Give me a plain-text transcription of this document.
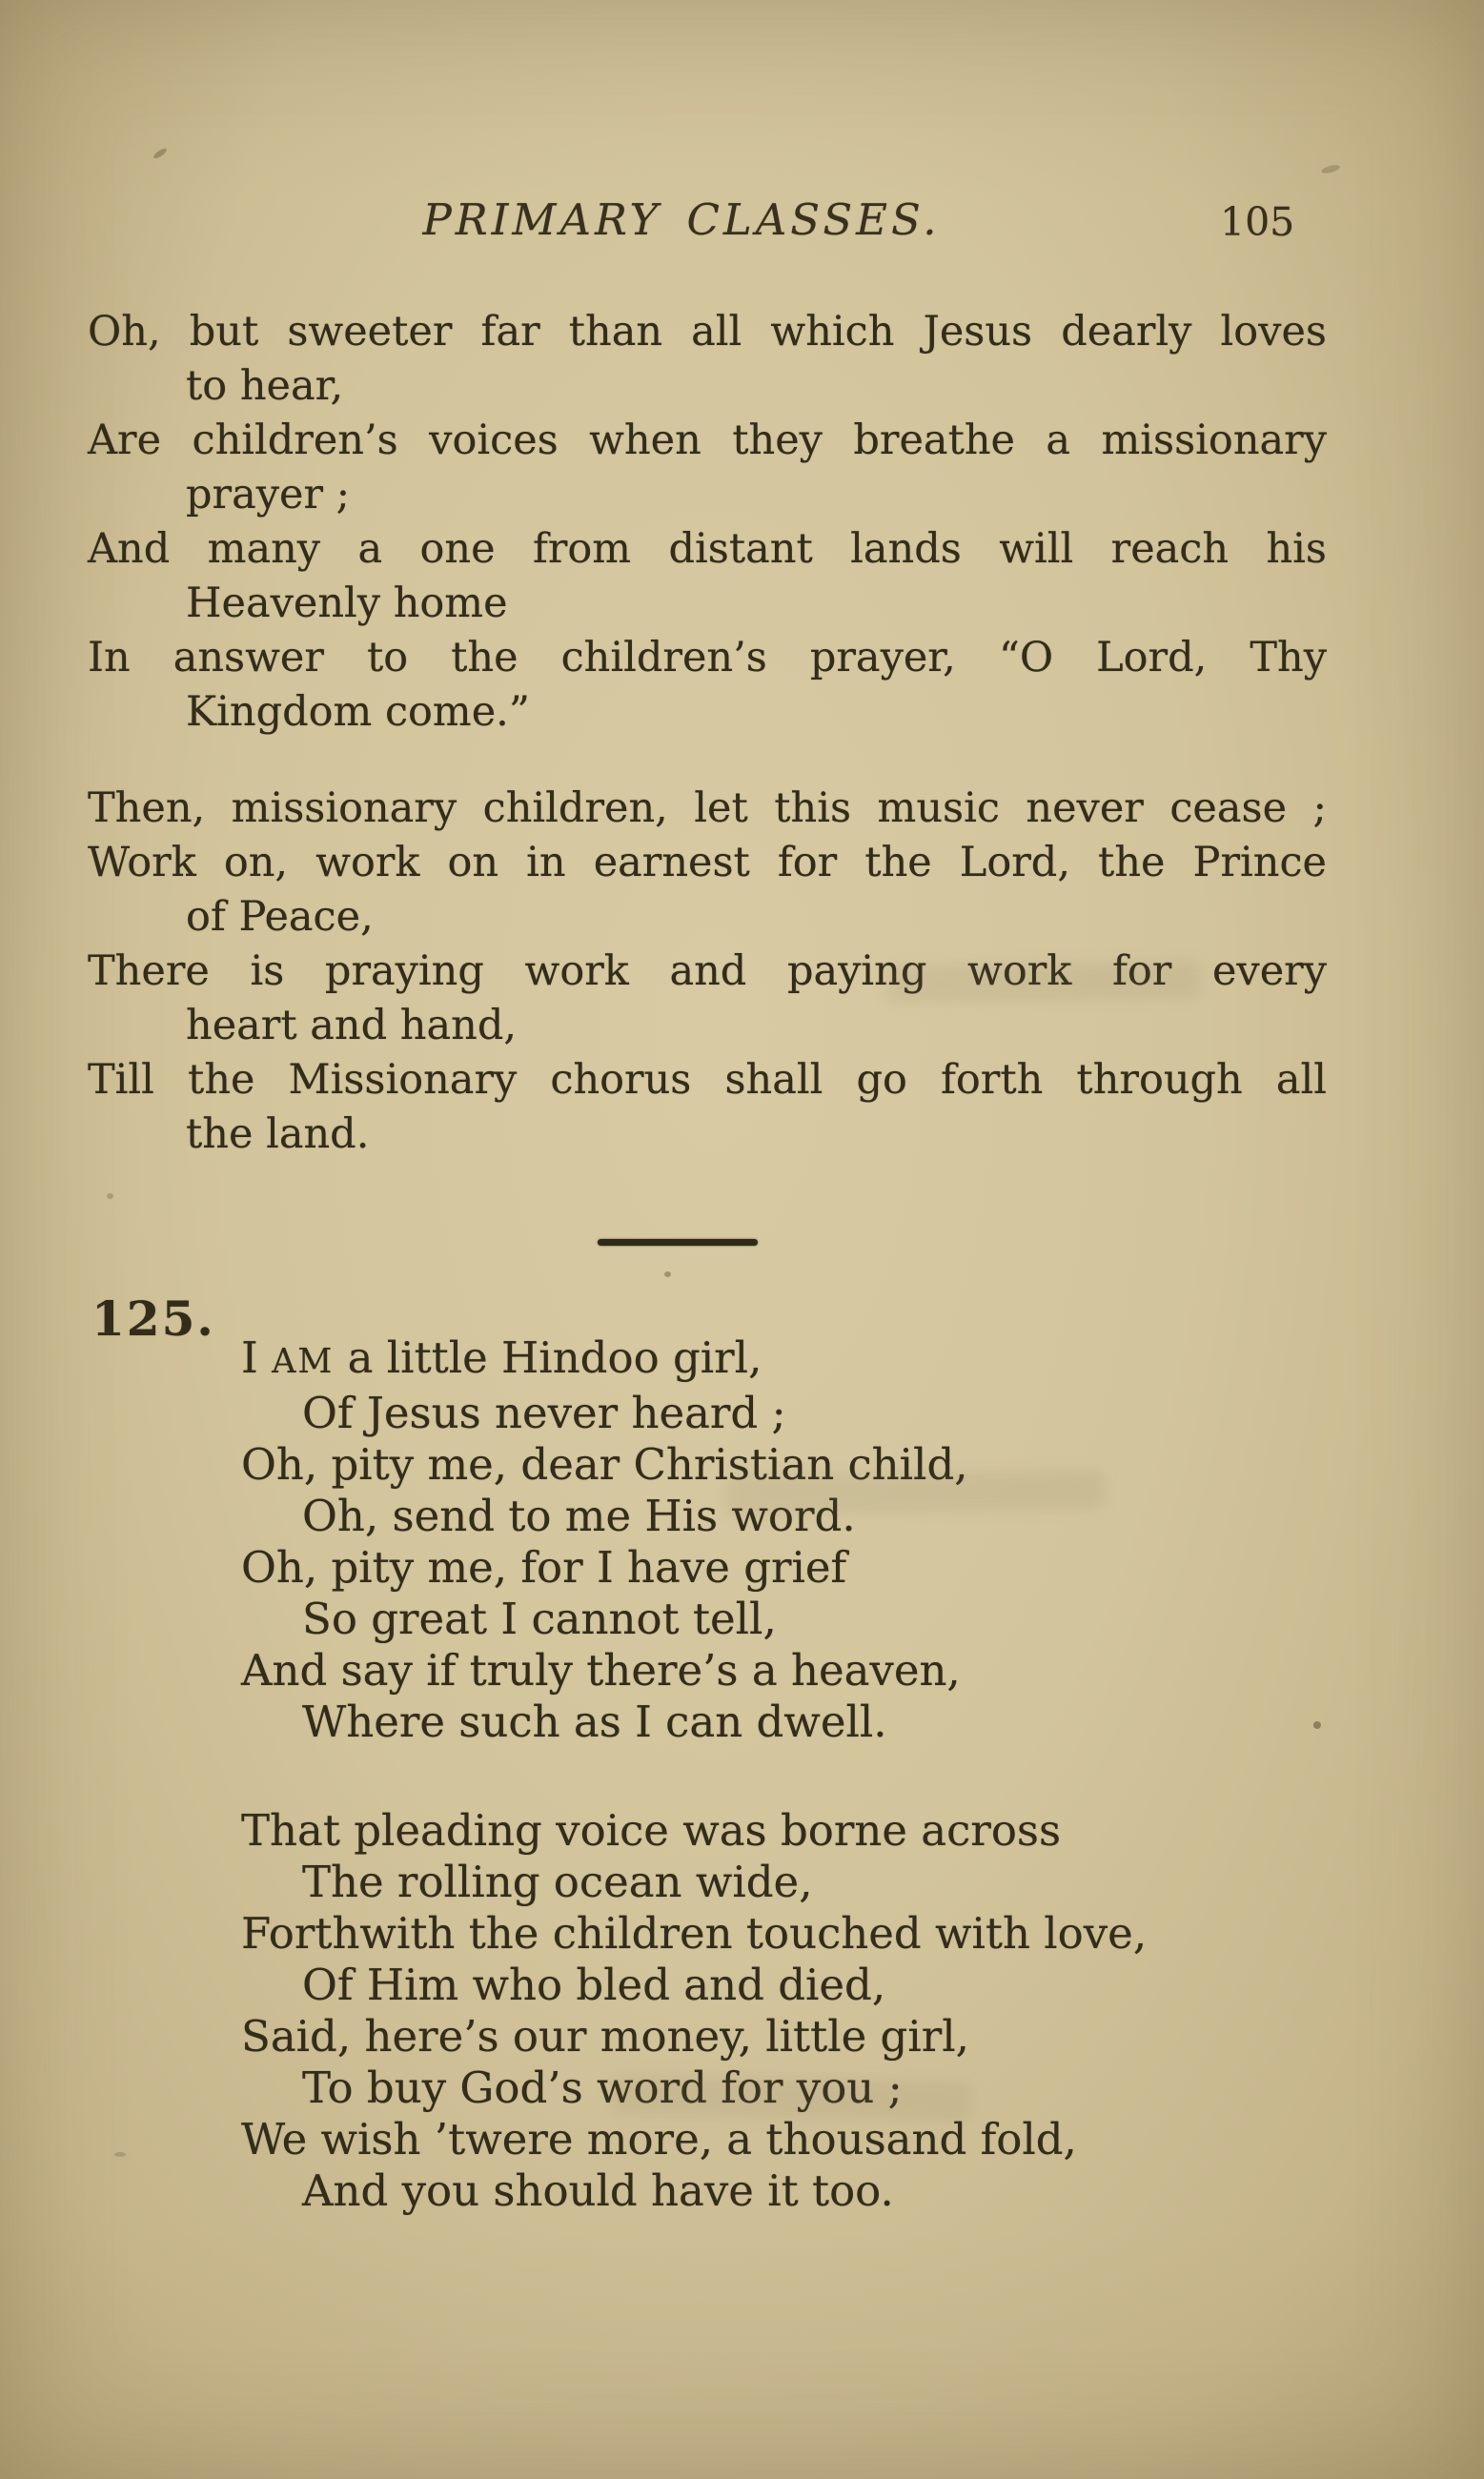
PRIMARY CLASSES.	105
Oh, but sweeter far than all which Jesus dearly loves
to hear,
Are children’s voices when they breathe a missionary
prayer ;
And many a one from distant lands will reach his
Heavenly home
In answer to the children’s prayer, “O Lord, Thy
Kingdom come.”
Then, missionary children, let this music never cease ;
Work on, work on in earnest for the Lord, the Prince
of Peace,
There is praying work and paying work for every
heart and hand,
Till the Missionary chorus shall go forth through all
the land.
125.
I AM a little Hindoo girl,
Of Jesus never heard ;
Oh, pity me, dear Christian child,
Oh, send to me His word.
Oh, pity me, for I have grief
So great I cannot tell,
And say if truly there’s a heaven,
Where such as I can dwell.
That pleading voice was borne across
The rolling ocean wide,
Forthwith the children touched with love,
Of Him who bled and died,
Said, here’s our money, little girl,
To buy God’s word for you ;
We wish ’twere more, a thousand fold,
And you should have it too.
